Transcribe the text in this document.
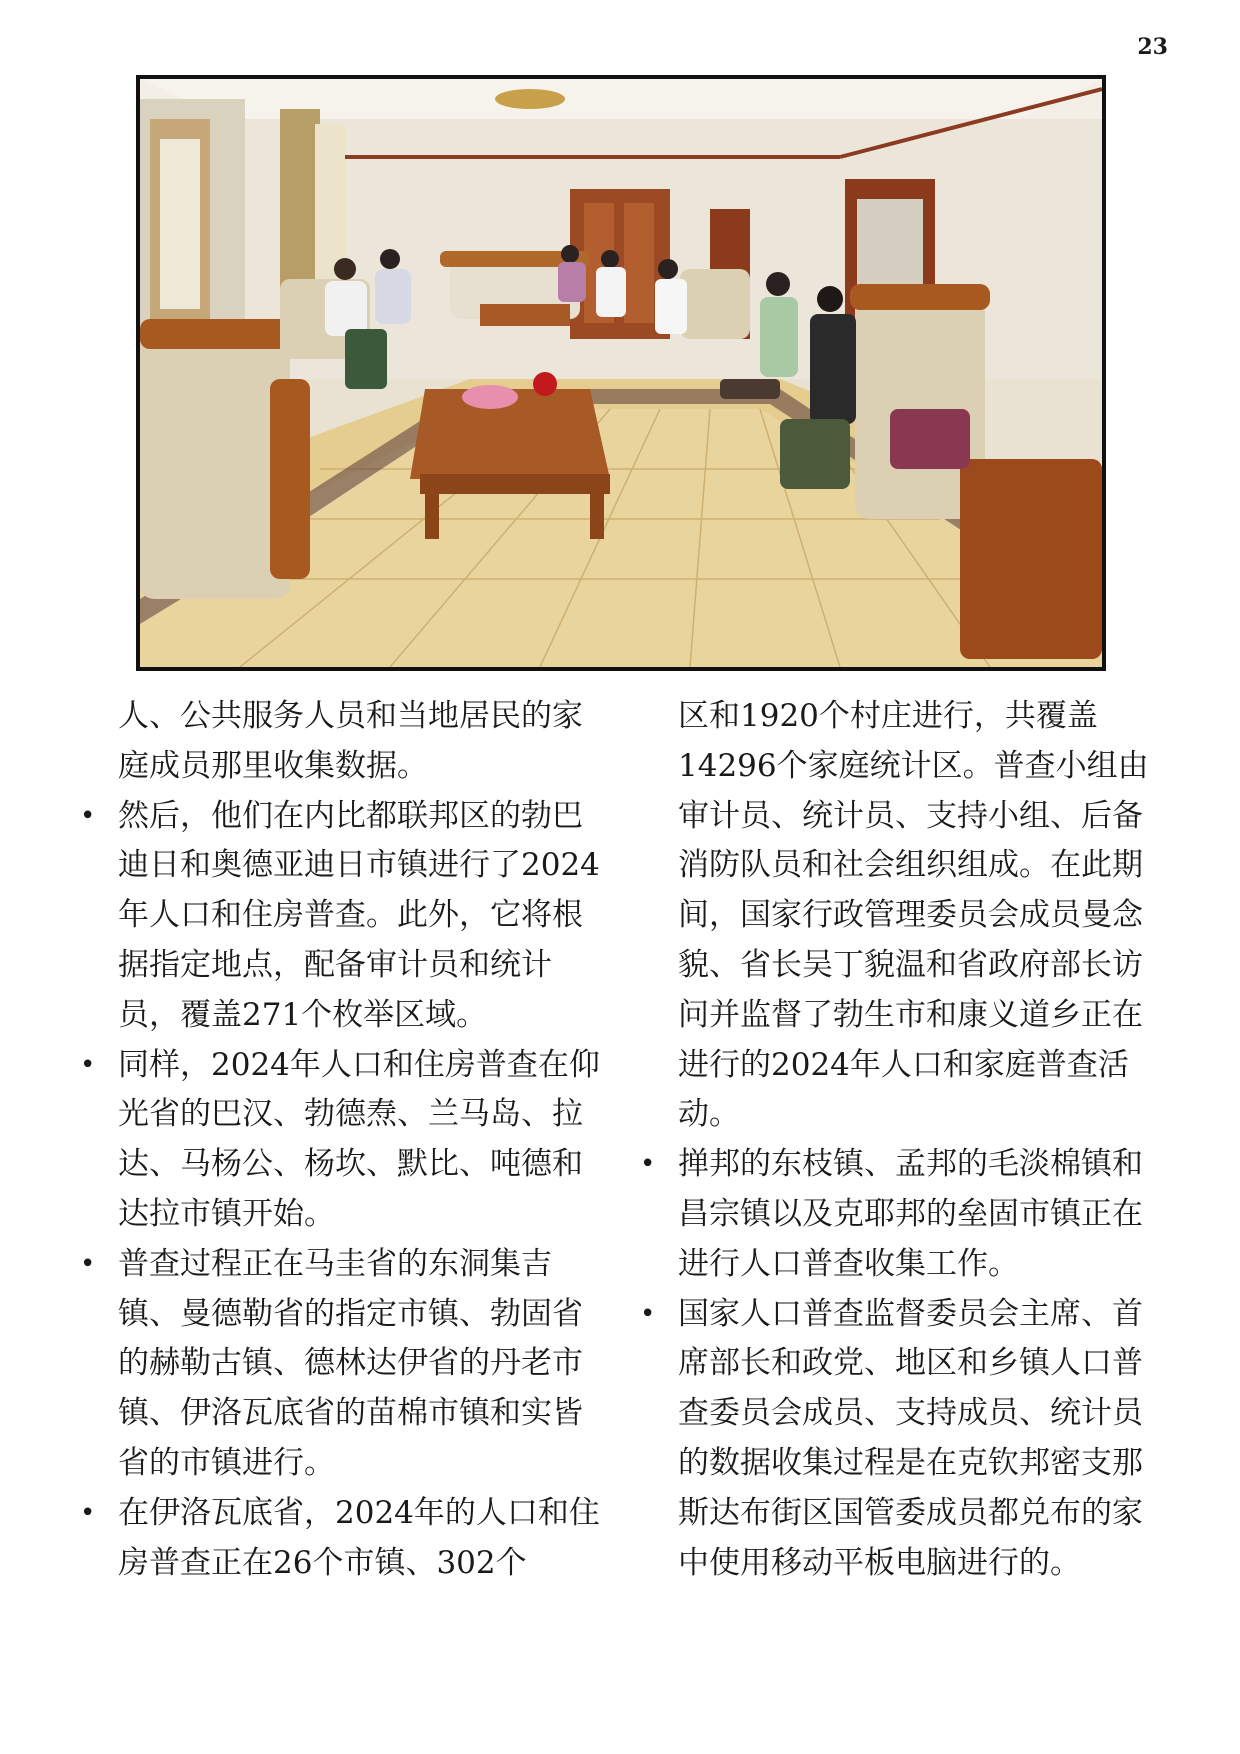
23

人、公共服务人员和当地居民的家庭成员那里收集数据。

• 然后，他们在内比都联邦区的勃巴迪日和奥德亚迪日市镇进行了2024年人口和住房普查。此外，它将根据指定地点，配备审计员和统计员，覆盖271个枚举区域。

• 同样，2024年人口和住房普查在仰光省的巴汉、勃德焘、兰马岛、拉达、马杨公、杨坎、默比、吨德和达拉市镇开始。

• 普查过程正在马圭省的东洞集吉镇、曼德勒省的指定市镇、勃固省的赫勒古镇、德林达伊省的丹老市镇、伊洛瓦底省的苗棉市镇和实皆省的市镇进行。

• 在伊洛瓦底省，2024年的人口和住房普查正在26个市镇、302个

区和1920个村庄进行，共覆盖14296个家庭统计区。普查小组由审计员、统计员、支持小组、后备消防队员和社会组织组成。在此期间，国家行政管理委员会成员曼念貌、省长吴丁貌温和省政府部长访问并监督了勃生市和康义道乡正在进行的2024年人口和家庭普查活动。

• 掸邦的东枝镇、孟邦的毛淡棉镇和昌宗镇以及克耶邦的垒固市镇正在进行人口普查收集工作。

• 国家人口普查监督委员会主席、首席部长和政党、地区和乡镇人口普查委员会成员、支持成员、统计员的数据收集过程是在克钦邦密支那斯达布街区国管委成员都兑布的家中使用移动平板电脑进行的。
